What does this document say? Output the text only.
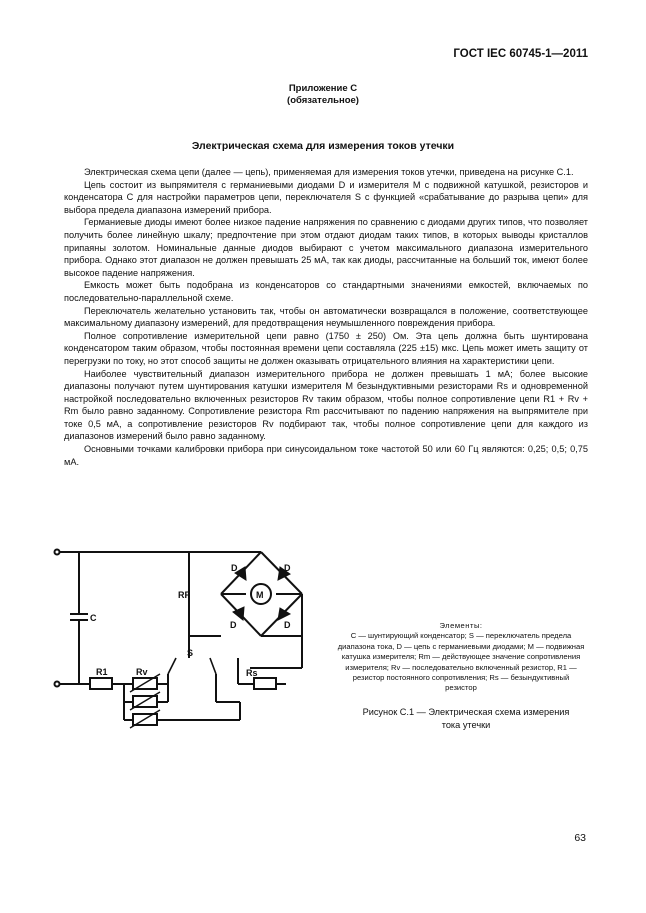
ГОСТ IEC 60745-1—2011
Приложение С
(обязательное)
Электрическая схема для измерения токов утечки

Электрическая схема цепи (далее — цепь), применяемая для измерения токов утечки, приведена на рисунке С.1.

Цепь состоит из выпрямителя с германиевыми диодами D и измерителя M с подвижной катушкой, резисторов и конденсатора C для настройки параметров цепи, переключателя S с функцией «срабатывание до разрыва цепи» для выбора предела диапазона измерений прибора.

Германиевые диоды имеют более низкое падение напряжения по сравнению с диодами других типов, что позволяет получить более линейную шкалу; предпочтение при этом отдают диодам таких типов, в которых выводы кристаллов припаяны золотом. Номинальные данные диодов выбирают с учетом максимального диапазона измерительного прибора. Однако этот диапазон не должен превышать 25 мА, так как диоды, рассчитанные на больший ток, имеют более высокое падение напряжения.

Емкость может быть подобрана из конденсаторов со стандартными значениями емкостей, включаемых по последовательно-параллельной схеме.

Переключатель желательно установить так, чтобы он автоматически возвращался в положение, соответствующее максимальному диапазону измерений, для предотвращения неумышленного повреждения прибора.

Полное сопротивление измерительной цепи равно (1750 ± 250) Ом. Эта цепь должна быть шунтирована конденсатором таким образом, чтобы постоянная времени цепи составляла (225 ±15) мкс. Цепь может иметь защиту от перегрузки по току, но этот способ защиты не должен оказывать отрицательного влияния на характеристики цепи.

Наиболее чувствительный диапазон измерительного прибора не должен превышать 1 мА; более высокие диапазоны получают путем шунтирования катушки измерителя M безындуктивными резисторами Rs и одновременной настройкой последовательно включенных резисторов Rv таким образом, чтобы полное сопротивление цепи R1 + Rv + Rm было равно заданному. Сопротивление резистора Rm рассчитывают по падению напряжения на выпрямителе при токе 0,5 мА, а сопротивление резисторов Rv подбирают так, чтобы полное сопротивление цепи для каждого из диапазонов измерений было равно заданному.

Основными точками калибровки прибора при синусоидальном токе частотой 50 или 60 Гц являются: 0,25; 0,5; 0,75 мА.

C
R1	Rv
S
Rs
RF
D	D
D	D
M
Элементы:
C — шунтирующий конденсатор; S — переключатель предела диапазона тока, D — цепь с германиевыми диодами; M — подвижная катушка измерителя; Rm — действующее значение сопротивления измерителя; Rv — последовательно включенный резистор, R1 — резистор постоянного сопротивления; Rs — безындуктивный резистор
Рисунок С.1 — Электрическая схема измерения тока утечки
63
